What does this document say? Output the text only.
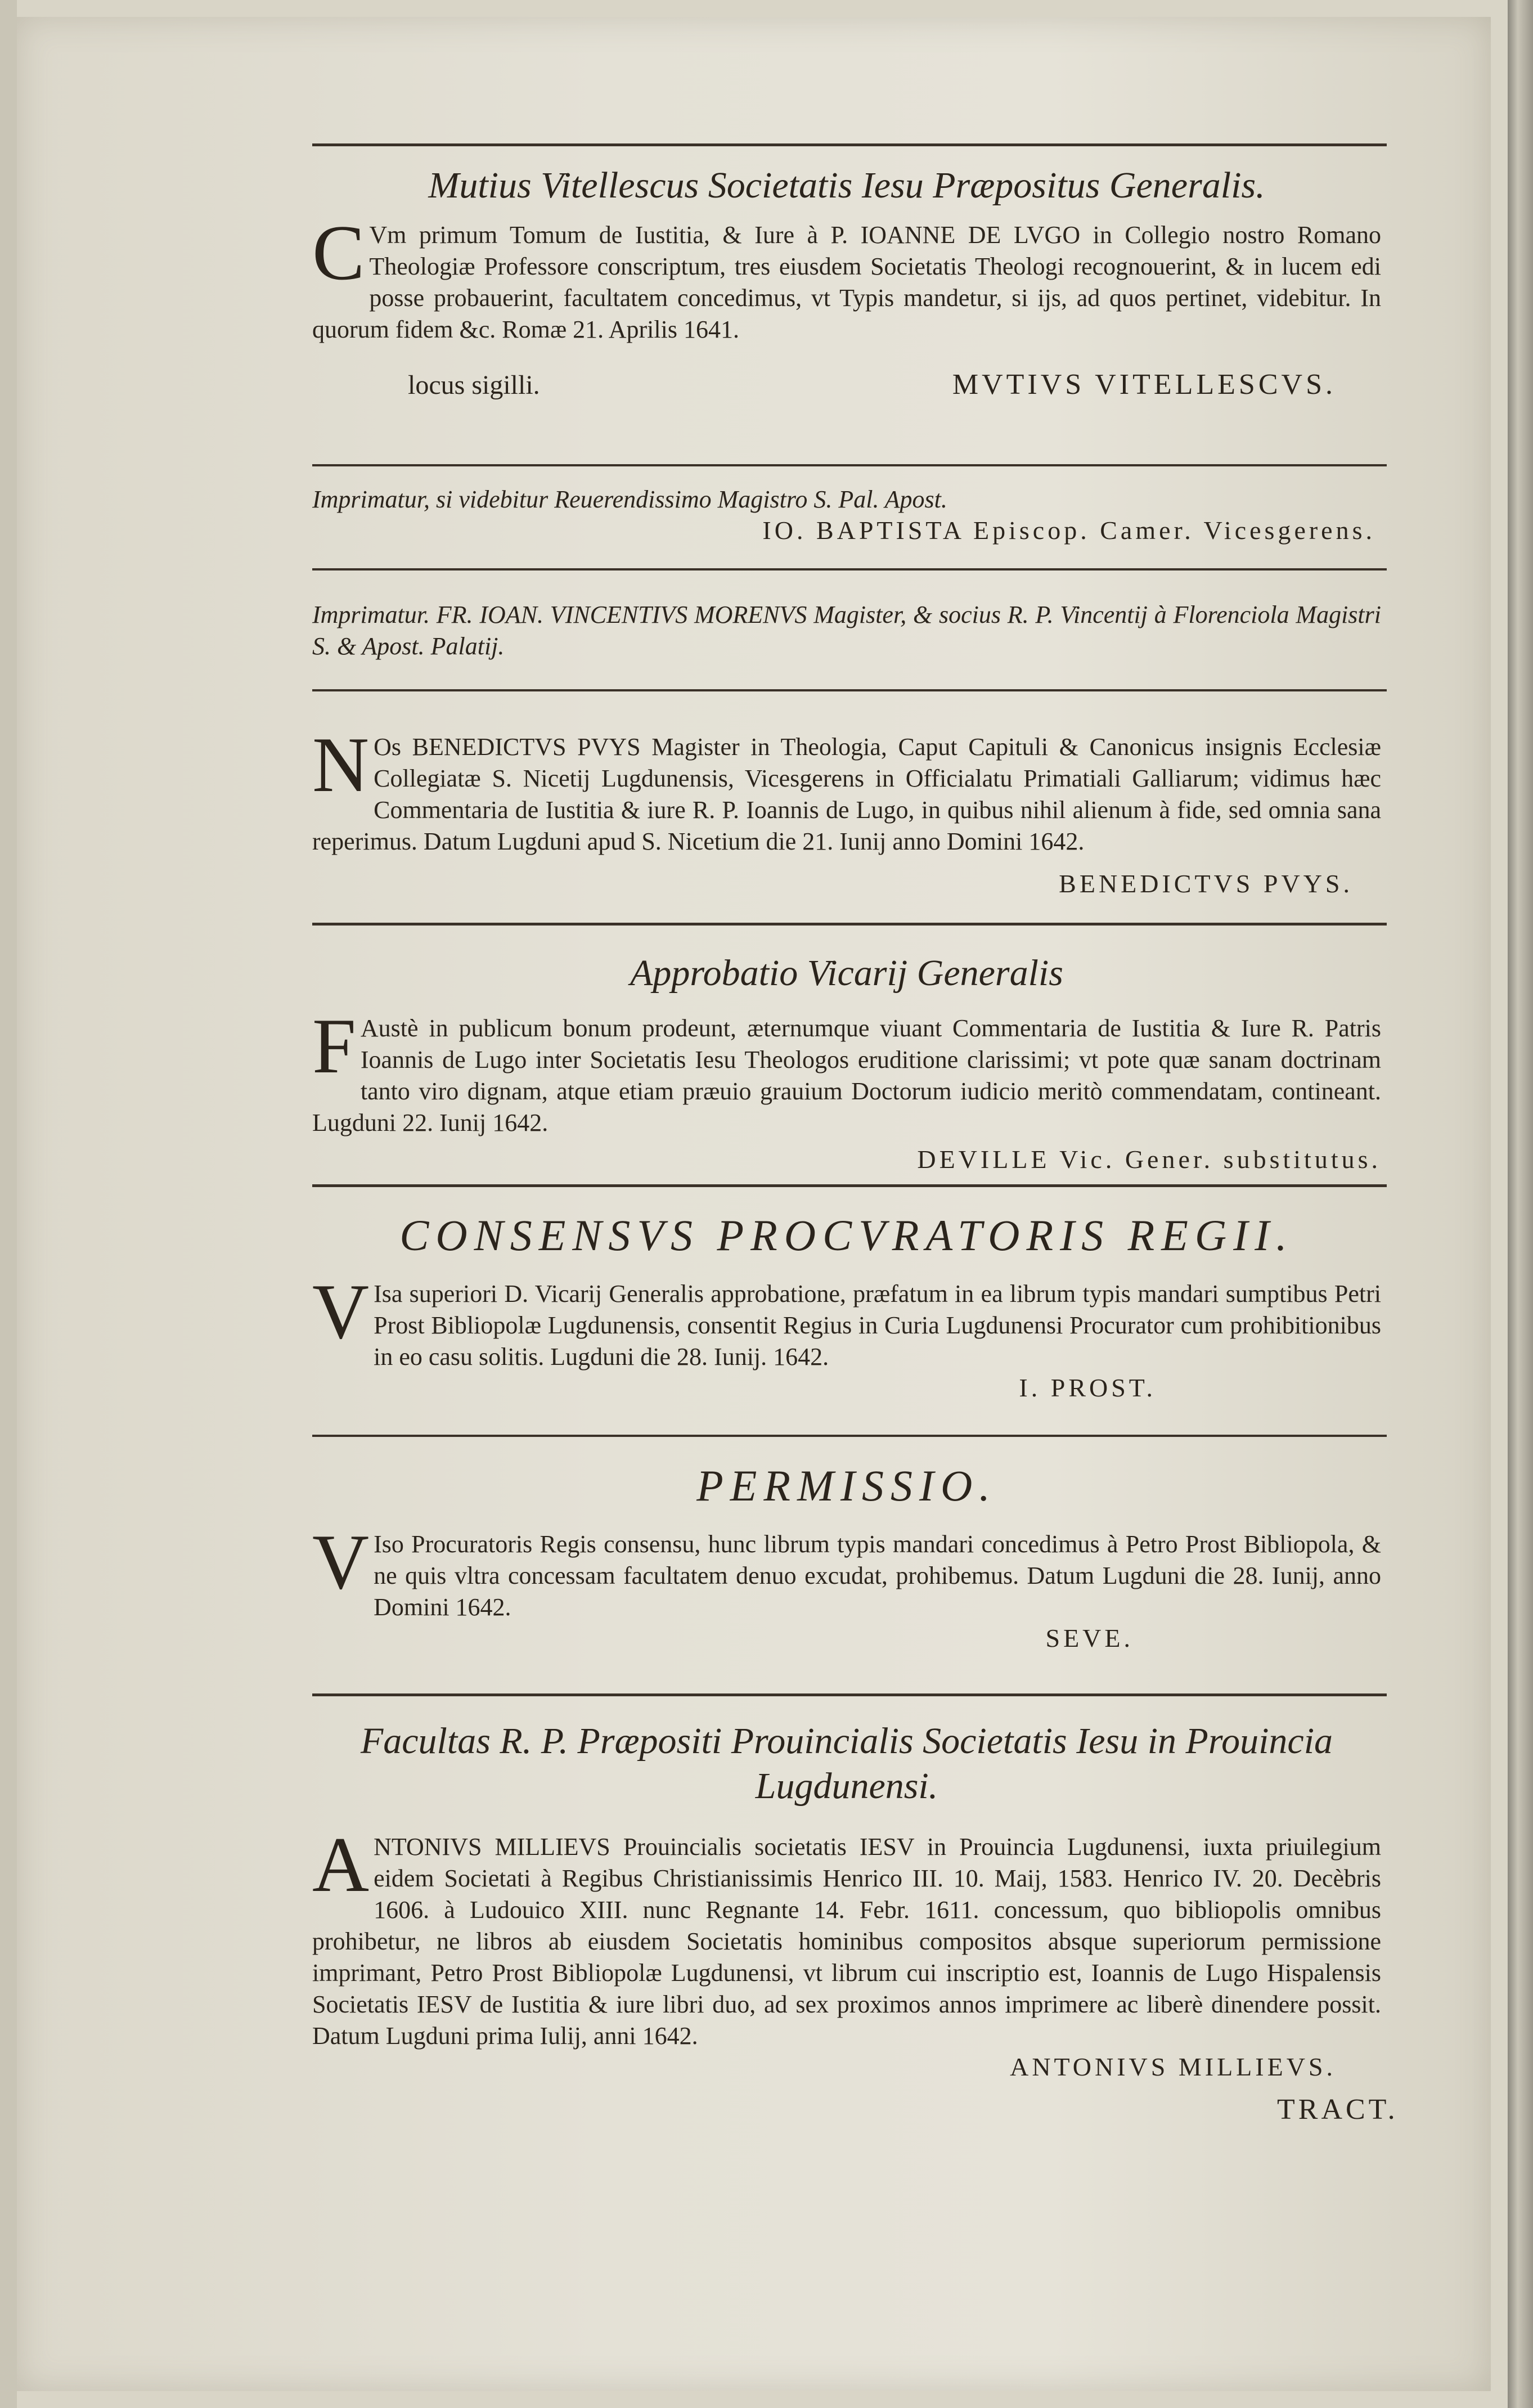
Mutius Vitellescus Societatis Iesu Præpositus Generalis.
C Vm primum Tomum de Iustitia, & Iure à P. IOANNE DE LVGO in Collegio nostro Romano Theologiæ Professore conscriptum, tres eiusdem Societatis Theologi recognouerint, & in lucem edi posse probauerint, facultatem concedimus, vt Typis mandetur, si ijs, ad quos pertinet, videbitur. In quorum fidem &c. Romæ 21. Aprilis 1641.
locus sigilli.	MVTIVS VITELLESCVS.
Imprimatur, si videbitur Reuerendissimo Magistro S. Pal. Apost.
IO. BAPTISTA Episcop. Camer. Vicesgerens.
Imprimatur. FR. IOAN. VINCENTIVS MORENVS Magister, & socius R. P. Vincentij à Florenciola Magistri S. & Apost. Palatij.
N Os BENEDICTVS PVYS Magister in Theologia, Caput Capituli & Canonicus insignis Ecclesiæ Collegiatæ S. Nicetij Lugdunensis, Vicesgerens in Officialatu Primatiali Galliarum; vidimus hæc Commentaria de Iustitia & iure R. P. Ioannis de Lugo, in quibus nihil alienum à fide, sed omnia sana reperimus. Datum Lugduni apud S. Nicetium die 21. Iunij anno Domini 1642.
BENEDICTVS PVYS.
Approbatio Vicarij Generalis
F Austè in publicum bonum prodeunt, æternumque viuant Commentaria de Iustitia & Iure R. Patris Ioannis de Lugo inter Societatis Iesu Theologos eruditione clarissimi; vt pote quæ sanam doctrinam tanto viro dignam, atque etiam præuio grauium Doctorum iudicio meritò commendatam, contineant. Lugduni 22. Iunij 1642.
DEVILLE Vic. Gener. substitutus.
CONSENSVS PROCVRATORIS REGII.
V Isa superiori D. Vicarij Generalis approbatione, præfatum in ea librum typis mandari sumptibus Petri Prost Bibliopolæ Lugdunensis, consentit Regius in Curia Lugdunensi Procurator cum prohibitionibus in eo casu solitis. Lugduni die 28. Iunij. 1642.
I. PROST.
PERMISSIO.
V Iso Procuratoris Regis consensu, hunc librum typis mandari concedimus à Petro Prost Bibliopola, & ne quis vltra concessam facultatem denuo excudat, prohibemus. Datum Lugduni die 28. Iunij, anno Domini 1642.
SEVE.
Facultas R. P. Præpositi Prouincialis Societatis Iesu in Prouincia Lugdunensi.
A NTONIVS MILLIEVS Prouincialis societatis IESV in Prouincia Lugdunensi, iuxta priuilegium eidem Societati à Regibus Christianissimis Henrico III. 10. Maij, 1583. Henrico IV. 20. Decèbris 1606. à Ludouico XIII. nunc Regnante 14. Febr. 1611. concessum, quo bibliopolis omnibus prohibetur, ne libros ab eiusdem Societatis hominibus compositos absque superiorum permissione imprimant, Petro Prost Bibliopolæ Lugdunensi, vt librum cui inscriptio est, Ioannis de Lugo Hispalensis Societatis IESV de Iustitia & iure libri duo, ad sex proximos annos imprimere ac liberè dinendere possit. Datum Lugduni prima Iulij, anni 1642.
ANTONIVS MILLIEVS.
TRACT.
